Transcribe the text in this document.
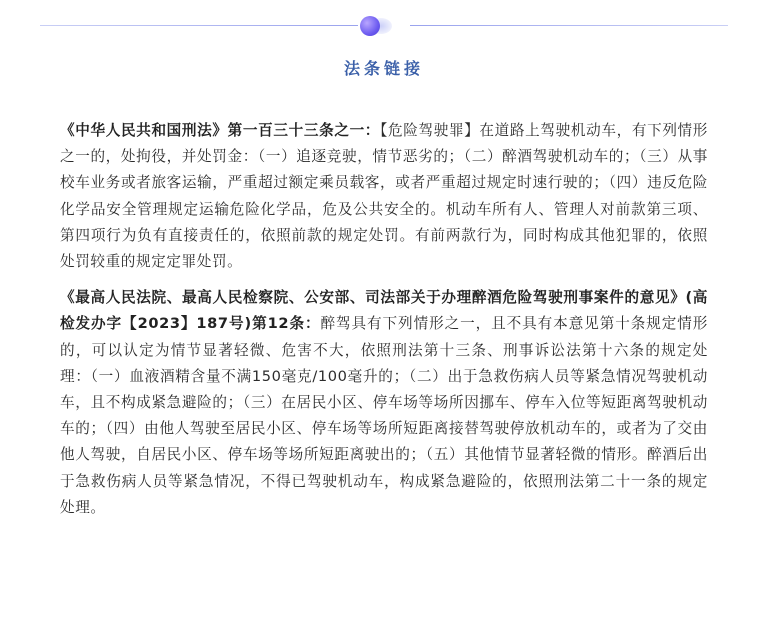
法条链接

《中华人民共和国刑法》第一百三十三条之一：【危险驾驶罪】在道路上驾驶机动车，有下列情形之一的，处拘役，并处罚金：（一）追逐竞驶，情节恶劣的；（二）醉酒驾驶机动车的；（三）从事校车业务或者旅客运输，严重超过额定乘员载客，或者严重超过规定时速行驶的；（四）违反危险化学品安全管理规定运输危险化学品，危及公共安全的。机动车所有人、管理人对前款第三项、第四项行为负有直接责任的，依照前款的规定处罚。有前两款行为，同时构成其他犯罪的，依照处罚较重的规定定罪处罚。

《最高人民法院、最高人民检察院、公安部、司法部关于办理醉酒危险驾驶刑事案件的意见》(高检发办字【2023】187号)第12条：醉驾具有下列情形之一，且不具有本意见第十条规定情形的，可以认定为情节显著轻微、危害不大，依照刑法第十三条、刑事诉讼法第十六条的规定处理：（一）血液酒精含量不满150毫克/100毫升的；（二）出于急救伤病人员等紧急情况驾驶机动车，且不构成紧急避险的；（三）在居民小区、停车场等场所因挪车、停车入位等短距离驾驶机动车的；（四）由他人驾驶至居民小区、停车场等场所短距离接替驾驶停放机动车的，或者为了交由他人驾驶，自居民小区、停车场等场所短距离驶出的；（五）其他情节显著轻微的情形。醉酒后出于急救伤病人员等紧急情况，不得已驾驶机动车，构成紧急避险的，依照刑法第二十一条的规定处理。
